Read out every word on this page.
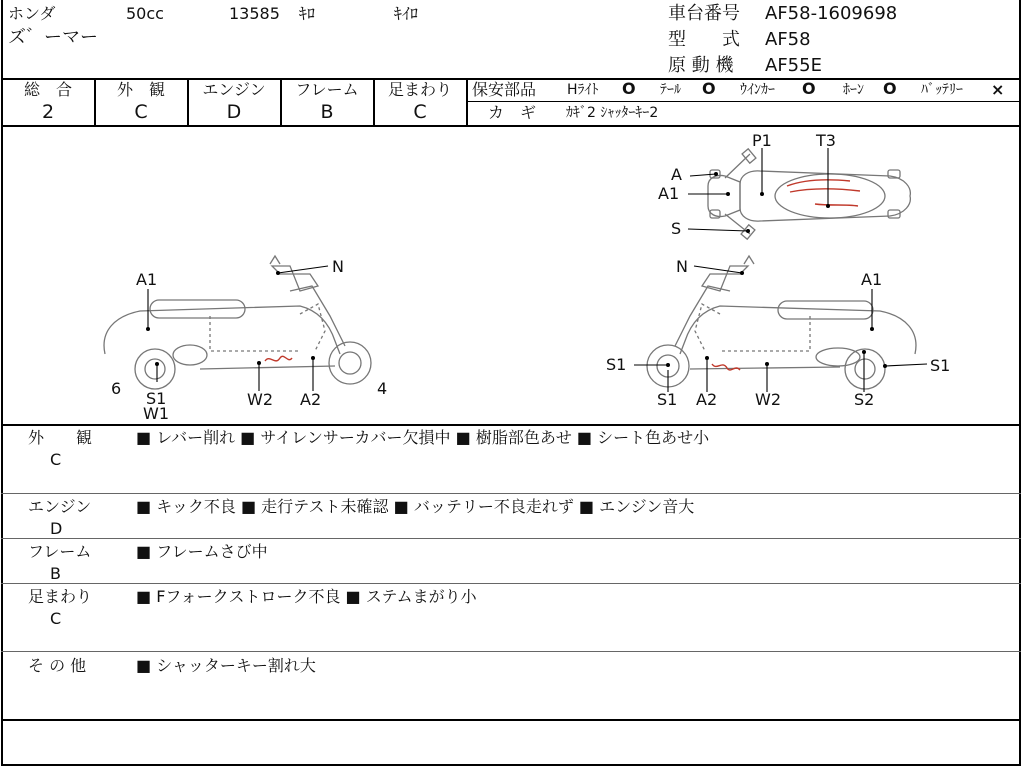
ホンダ	50cc	13585 ｷﾛ	ｷｲﾛ
ズ゛ーマー
車台番号 AF58-1609698
型　　式 AF58
原 動 機 AF55E
総　合	外　観	エンジン	フレーム	足まわり
2	C	D	B	C
保安部品 Hﾗｲﾄ O ﾃｰﾙ O ｳｲﾝｶｰ O ﾎｰﾝ O ﾊﾞｯﾃﾘｰ ×
カ　ギ ｶｷﾞ2 ｼｬｯﾀｰｷｰ2
P1	T3
A
A1
S
N
A1
6
S1
W1
W2 A2
4
N
A1
S1	S1
S1 A2 W2	S2
外　　観
C
■ レバー削れ ■ サイレンサーカバー欠損中 ■ 樹脂部色あせ ■ シート色あせ小
エンジン
D
■ キック不良 ■ 走行テスト未確認 ■ バッテリー不良走れず ■ エンジン音大
フレーム
B
■ フレームさび中
足まわり
C
■ Fフォークストローク不良 ■ ステムまがり小
そ の 他	■ シャッターキー割れ大
